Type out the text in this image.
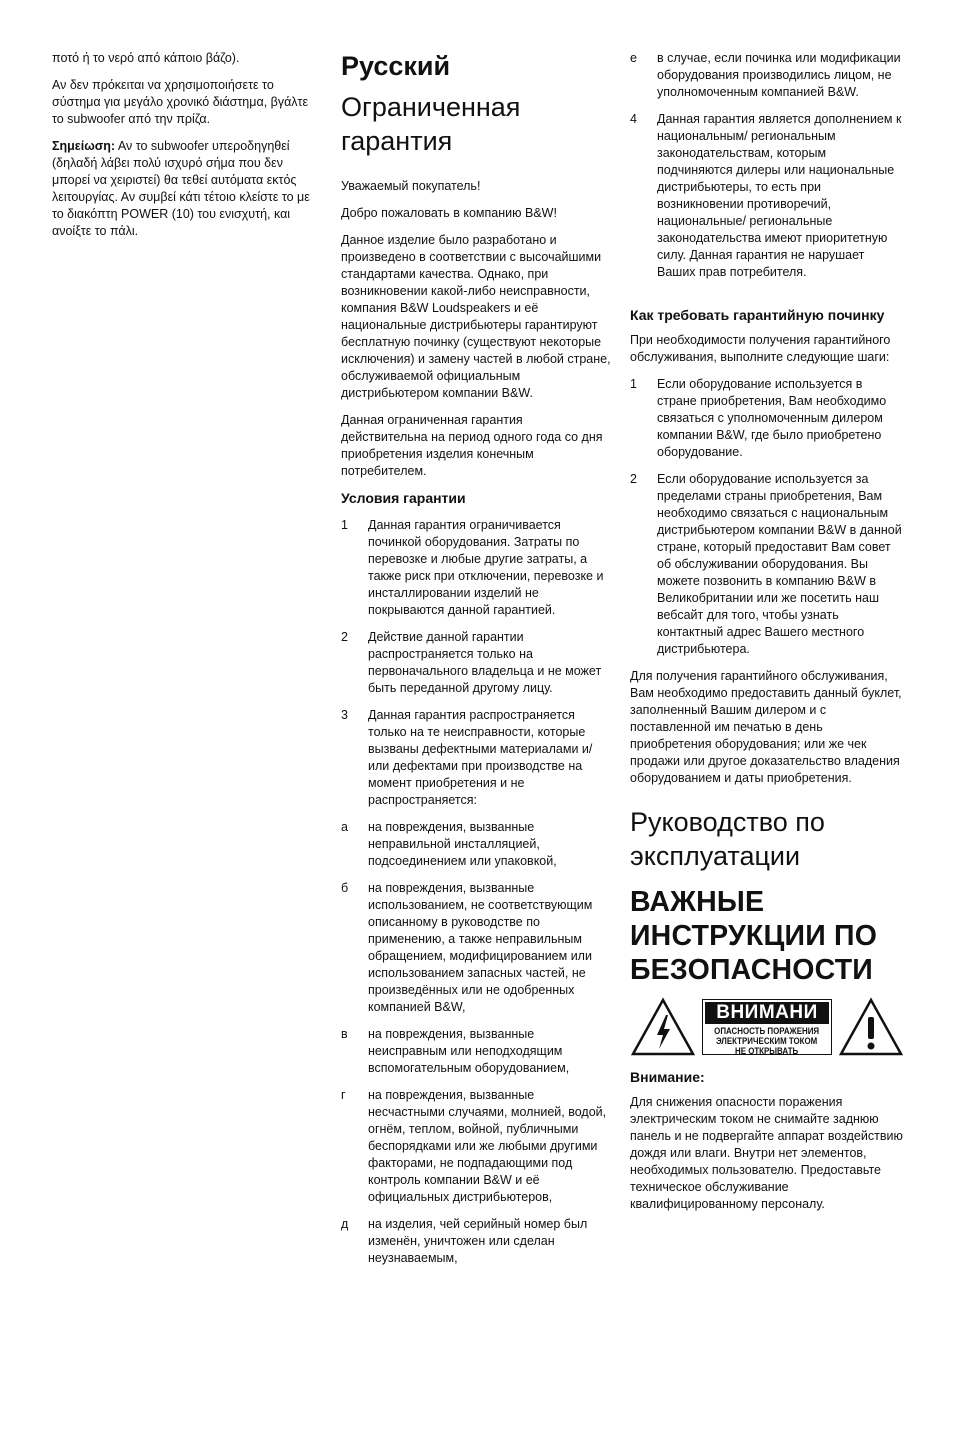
ποτό ή το νερό από κάποιο βάζο).

Αν δεν πρόκειται να χρησιμοποιήσετε το σύστημα για μεγάλο χρονικό διάστημα, βγάλτε το subwoofer από την πρίζα.

Σημείωση: Αν το subwoofer υπεροδηγηθεί (δηλαδή λάβει πολύ ισχυρό σήμα που δεν μπορεί να χειριστεί) θα τεθεί αυτόματα εκτός λειτουργίας. Αν συμβεί κάτι τέτοιο κλείστε το με το διακόπτη POWER (10) του ενισχυτή, και ανοίξτε το πάλι.

Русский
Ограниченная гарантия

Уважаемый покупатель!

Добро пожаловать в компанию B&W!

Данное изделие было разработано и произведено в соответствии с высочайшими стандартами качества. Однако, при возникновении какой-либо неисправности, компания B&W Loudspeakers и её национальные дистрибьютеры гарантируют бесплатную починку (существуют некоторые исключения) и замену частей в любой стране, обслуживаемой официальным дистрибьютером компании B&W.

Данная ограниченная гарантия действительна на период одного года со дня приобретения изделия конечным потребителем.

Условия гарантии
1	Данная гарантия ограничивается починкой оборудования. Затраты по перевозке и любые другие затраты, а также риск при отключении, перевозке и инсталлировании изделий не покрываются данной гарантией.
2	Действие данной гарантии распространяется только на первоначального владельца и не может быть переданной другому лицу.
3	Данная гарантия распространяется только на те неисправности, которые вызваны дефектными материалами и/или дефектами при производстве на момент приобретения и не распространяется:
а	на повреждения, вызванные неправильной инсталляцией, подсоединением или упаковкой,
б	на повреждения, вызванные использованием, не соответствующим описанному в руководстве по применению, а также неправильным обращением, модифицированием или использованием запасных частей, не произведённых или не одобренных компанией B&W,
в	на повреждения, вызванные неисправным или неподходящим вспомогательным оборудованием,
г	на повреждения, вызванные несчастными случаями, молнией, водой, огнём, теплом, войной, публичными беспорядками или же любыми другими факторами, не подпадающими под контроль компании B&W и её официальных дистрибьютеров,
д	на изделия, чей серийный номер был изменён, уничтожен или сделан неузнаваемым,
е	в случае, если починка или модификации оборудования производились лицом, не уполномоченным компанией B&W.
4	Данная гарантия является дополнением к национальным/ региональным законодательствам, которым подчиняются дилеры или национальные дистрибьютеры, то есть при возникновении противоречий, национальные/ региональные законодательства имеют приоритетную силу. Данная гарантия не нарушает Ваших прав потребителя.
Как требовать гарантийную починку

При необходимости получения гарантийного обслуживания, выполните следующие шаги:

1	Если оборудование используется в стране приобретения, Вам необходимо связаться с уполномоченным дилером компании B&W, где было приобретено оборудование.
2	Если оборудование используется за пределами страны приобретения, Вам необходимо связаться с национальным дистрибьютером компании B&W в данной стране, который предоставит Вам совет об обслуживании оборудования. Вы можете позвонить в компанию B&W в Великобритании или же посетить наш вебсайт для того, чтобы узнать контактный адрес Вашего местного дистрибьютера.

Для получения гарантийного обслуживания, Вам необходимо предоставить данный буклет, заполненный Вашим дилером и с поставленной им печатью в день приобретения оборудования; или же чек продажи или другое доказательство владения оборудованием и даты приобретения.

Руководство по эксплуатации
ВАЖНЫЕ ИНСТРУКЦИИ ПО БЕЗОПАСНОСТИ
ВНИМАНИ
ОПАСНОСТЬ ПОРАЖЕНИЯ
ЭЛЕКТРИЧЕСКИМ ТОКОМ
НЕ ОТКРЫВАТЬ
Внимание:

Для снижения опасности поражения электрическим током не снимайте заднюю панель и не подвергайте аппарат воздействию дождя или влаги. Внутри нет элементов, необходимых пользователю. Предоставьте техническое обслуживание квалифицированному персоналу.
